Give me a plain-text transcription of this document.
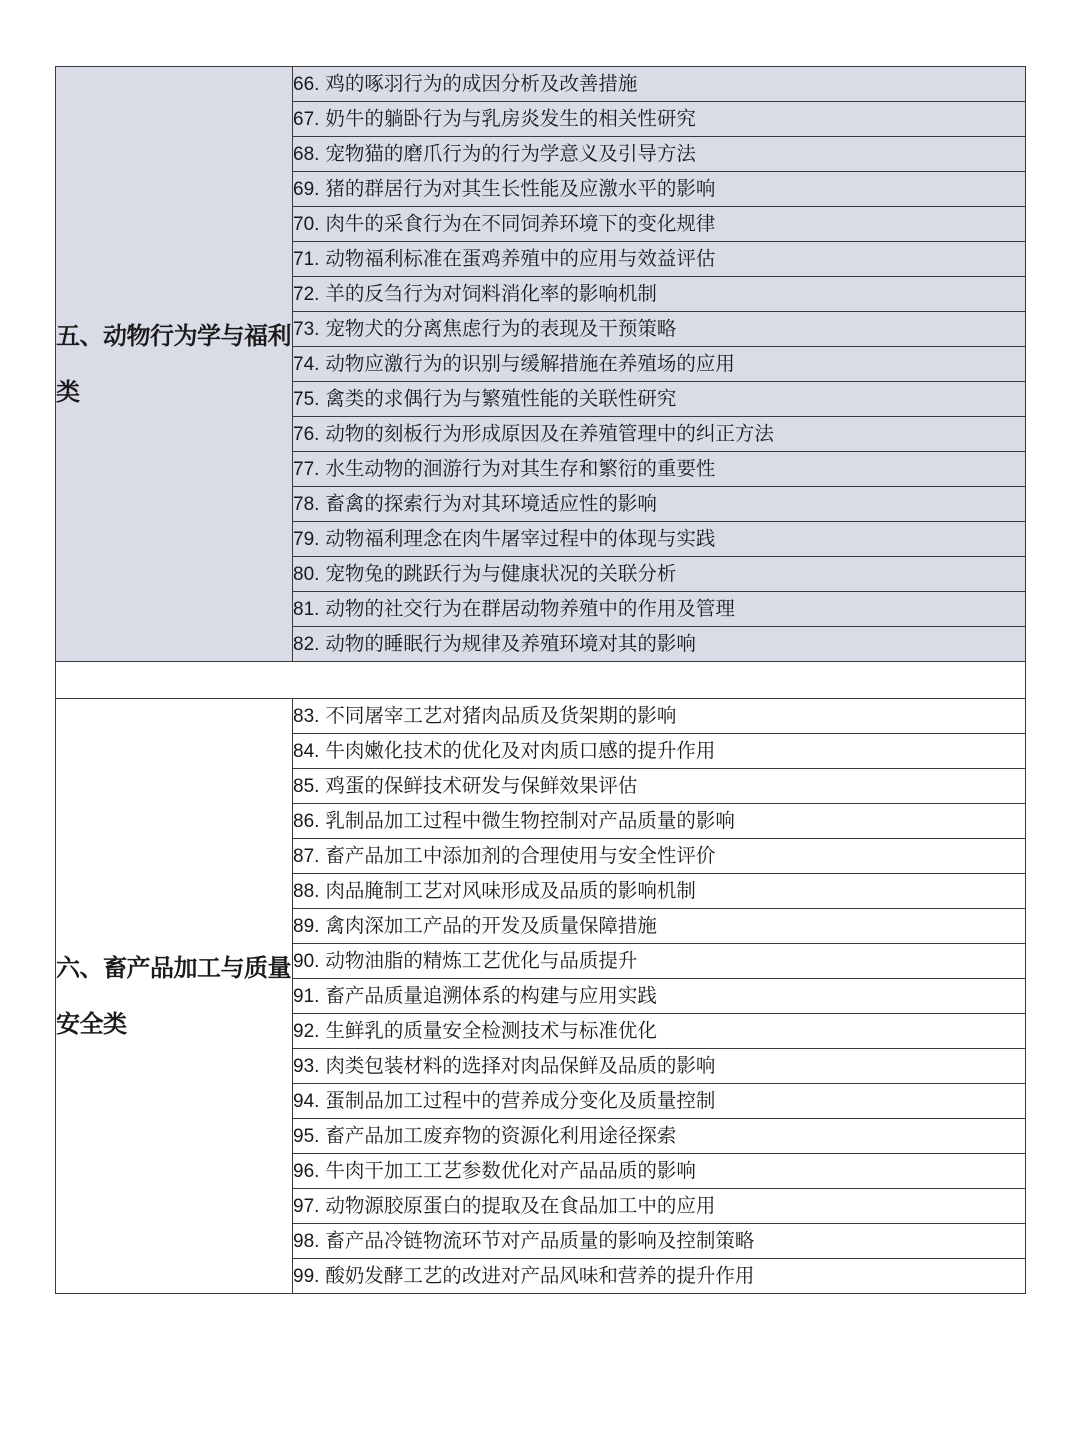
五、动物行为学与福利类	66. 鸡的啄羽行为的成因分析及改善措施
	67. 奶牛的躺卧行为与乳房炎发生的相关性研究
	68. 宠物猫的磨爪行为的行为学意义及引导方法
	69. 猪的群居行为对其生长性能及应激水平的影响
	70. 肉牛的采食行为在不同饲养环境下的变化规律
	71. 动物福利标准在蛋鸡养殖中的应用与效益评估
	72. 羊的反刍行为对饲料消化率的影响机制
	73. 宠物犬的分离焦虑行为的表现及干预策略
	74. 动物应激行为的识别与缓解措施在养殖场的应用
	75. 禽类的求偶行为与繁殖性能的关联性研究
	76. 动物的刻板行为形成原因及在养殖管理中的纠正方法
	77. 水生动物的洄游行为对其生存和繁衍的重要性
	78. 畜禽的探索行为对其环境适应性的影响
	79. 动物福利理念在肉牛屠宰过程中的体现与实践
	80. 宠物兔的跳跃行为与健康状况的关联分析
	81. 动物的社交行为在群居动物养殖中的作用及管理
	82. 动物的睡眠行为规律及养殖环境对其的影响

六、畜产品加工与质量安全类	83. 不同屠宰工艺对猪肉品质及货架期的影响
	84. 牛肉嫩化技术的优化及对肉质口感的提升作用
	85. 鸡蛋的保鲜技术研发与保鲜效果评估
	86. 乳制品加工过程中微生物控制对产品质量的影响
	87. 畜产品加工中添加剂的合理使用与安全性评价
	88. 肉品腌制工艺对风味形成及品质的影响机制
	89. 禽肉深加工产品的开发及质量保障措施
	90. 动物油脂的精炼工艺优化与品质提升
	91. 畜产品质量追溯体系的构建与应用实践
	92. 生鲜乳的质量安全检测技术与标准优化
	93. 肉类包装材料的选择对肉品保鲜及品质的影响
	94. 蛋制品加工过程中的营养成分变化及质量控制
	95. 畜产品加工废弃物的资源化利用途径探索
	96. 牛肉干加工工艺参数优化对产品品质的影响
	97. 动物源胶原蛋白的提取及在食品加工中的应用
	98. 畜产品冷链物流环节对产品质量的影响及控制策略
	99. 酸奶发酵工艺的改进对产品风味和营养的提升作用
